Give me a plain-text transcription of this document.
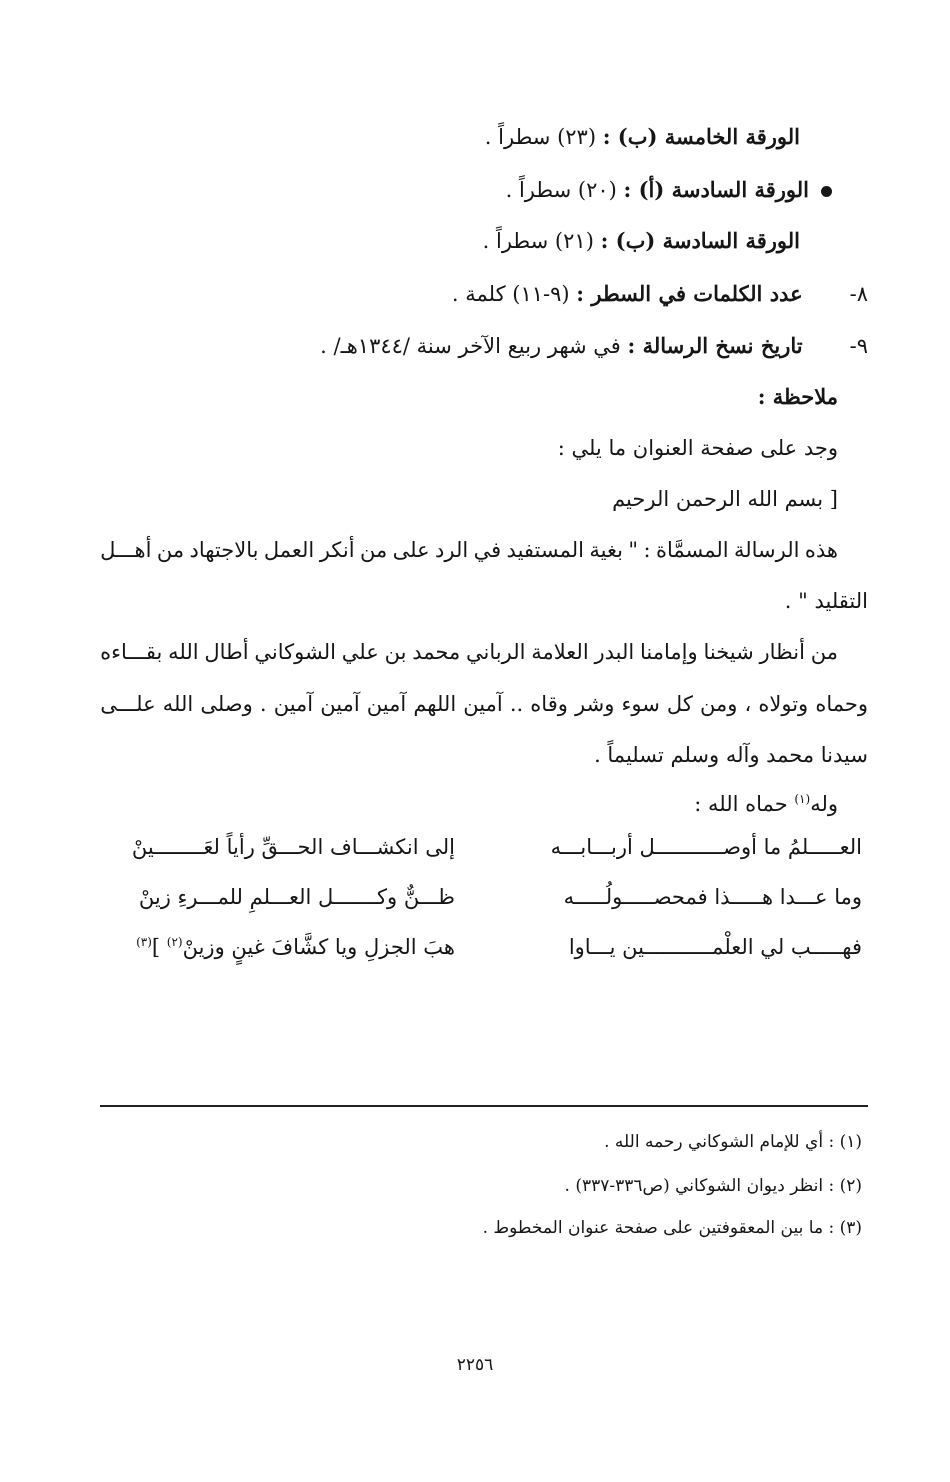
الورقة الخامسة (ب) : (٢٣) سطراً .
الورقة السادسة (أ) : (٢٠) سطراً .
الورقة السادسة (ب) : (٢١) سطراً .
٨-  عدد الكلمات في السطر : (٩-١١) كلمة .
٩-  تاريخ نسخ الرسالة : في شهر ربيع الآخر سنة /١٣٤٤هـ/ .
ملاحظة :
وجد على صفحة العنوان ما يلي :
[ بسم الله الرحمن الرحيم
هذه
الرسالة
المسمَّاة
:
"
بغية
المستفيد
في
الرد
على
من
أنكر
العمل
بالاجتهاد
من
أهـــل
التقليد " .
من
أنظار
شيخنا
وإمامنا
البدر
العلامة
الرباني
محمد
بن
علي
الشوكاني
أطال
الله
بقـــاءه
وحماه
وتولاه
،
ومن
كل
سوء
وشر
وقاه
..
آمين
اللهم
آمين
آمين
آمين
.
وصلى
الله
علـــى
سيدنا محمد وآله وسلم تسليماً .
وله$^{(١)}$ حماه الله :
العـــــلمُ ما أوصـــــــــــل أربـــابـــه
إلى انكشـــاف الحـــقِّ رأياً لعَــــــــينْ
وما عـــدا هـــــذا فمحصـــــولُـــــه
ظـــنٌّ وكـــــــل العـــلمِ للمـــرءِ زينْ
فهـــــب لي العلْمـــــــــــين يـــاوا
هبَ الجزلِ ويا كشَّافَ غينٍ وزينْ$^{(٢)}$ ]$^{(٣)}$
(١) : أي للإمام الشوكاني رحمه الله .
(٢) : انظر ديوان الشوكاني (ص٣٣٦-٣٣٧) .
(٣) : ما بين المعقوفتين على صفحة عنوان المخطوط .
٢٢٥٦
